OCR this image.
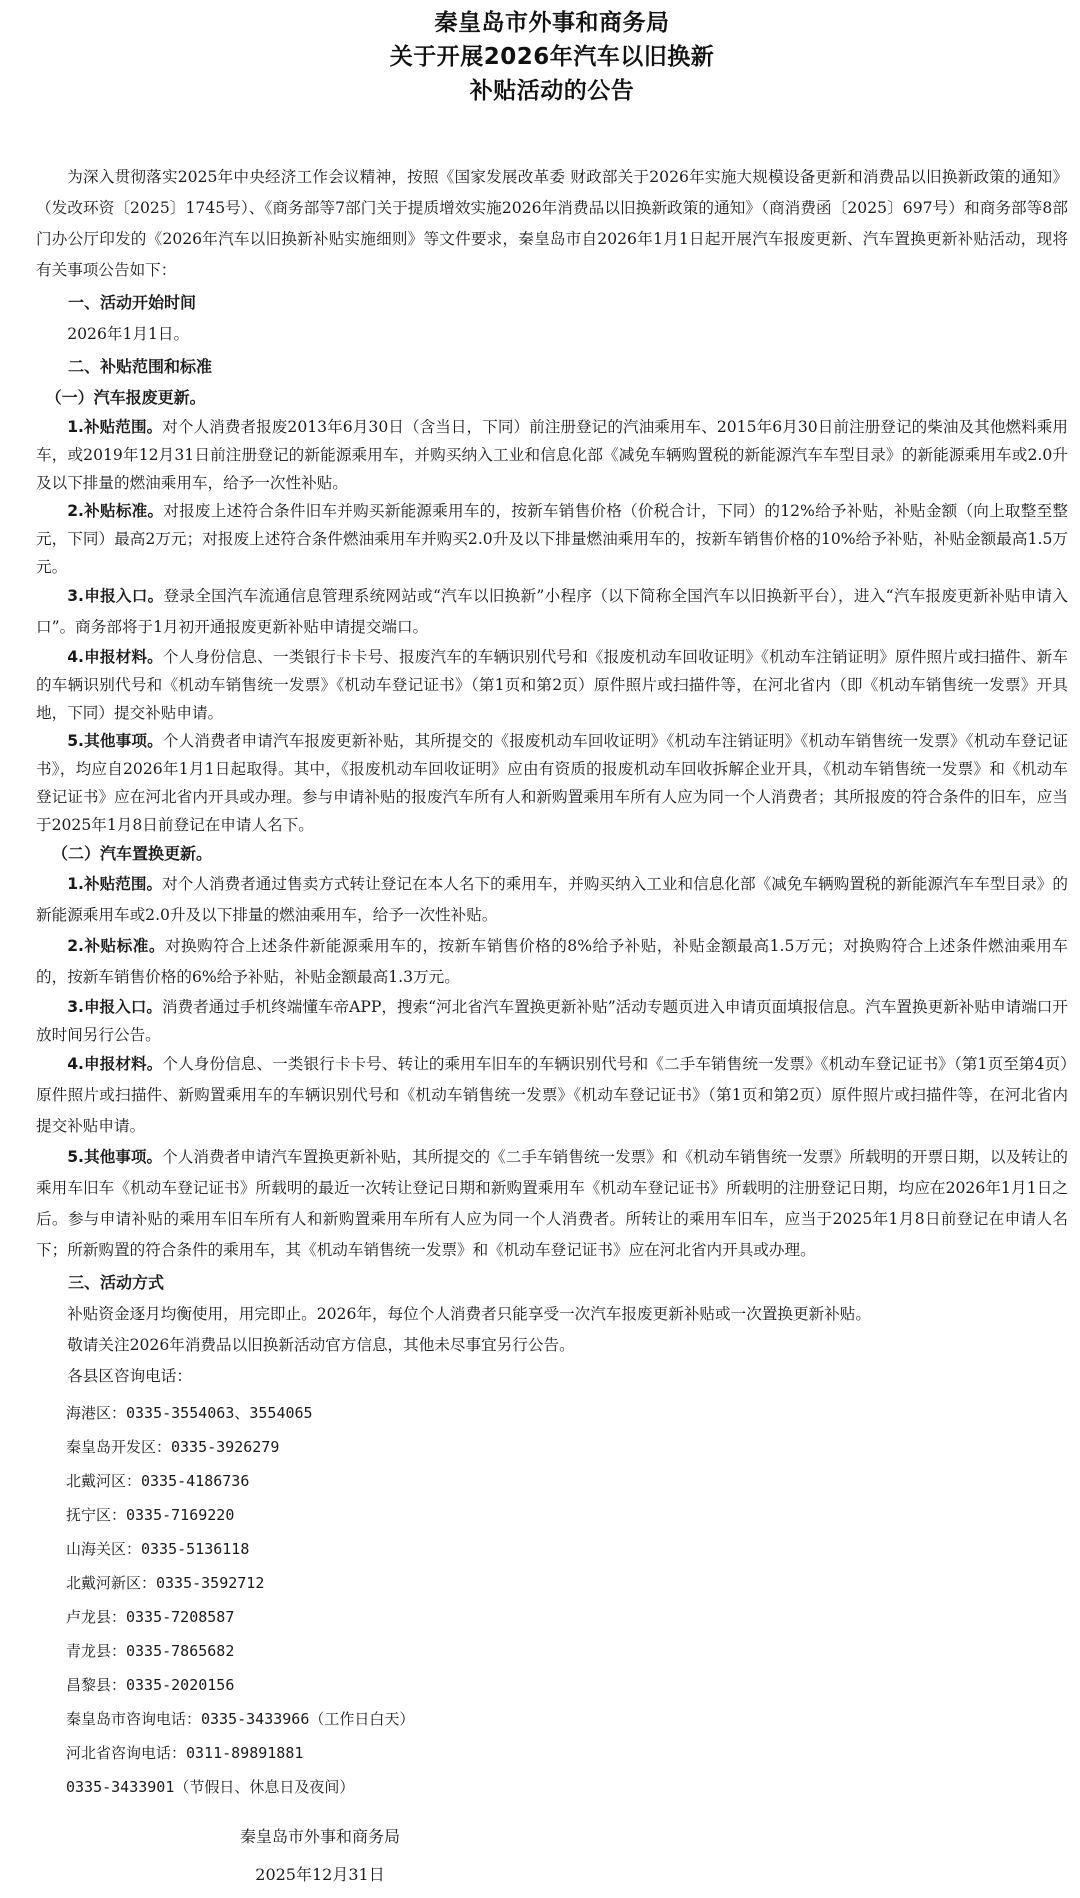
秦皇岛市外事和商务局
关于开展2026年汽车以旧换新
补贴活动的公告

为深入贯彻落实2025年中央经济工作会议精神，按照《国家发展改革委 财政部关于2026年实施大规模设备更新和消费品以旧换新政策的通知》（发改环资〔2025〕1745号）、《商务部等7部门关于提质增效实施2026年消费品以旧换新政策的通知》（商消费函〔2025〕697号）和商务部等8部门办公厅印发的《2026年汽车以旧换新补贴实施细则》等文件要求，秦皇岛市自2026年1月1日起开展汽车报废更新、汽车置换更新补贴活动，现将有关事项公告如下：

一、活动开始时间

2026年1月1日。

二、补贴范围和标准

（一）汽车报废更新。

1.补贴范围。对个人消费者报废2013年6月30日（含当日，下同）前注册登记的汽油乘用车、2015年6月30日前注册登记的柴油及其他燃料乘用车，或2019年12月31日前注册登记的新能源乘用车，并购买纳入工业和信息化部《减免车辆购置税的新能源汽车车型目录》的新能源乘用车或2.0升及以下排量的燃油乘用车，给予一次性补贴。

2.补贴标准。对报废上述符合条件旧车并购买新能源乘用车的，按新车销售价格（价税合计，下同）的12%给予补贴，补贴金额（向上取整至整元，下同）最高2万元；对报废上述符合条件燃油乘用车并购买2.0升及以下排量燃油乘用车的，按新车销售价格的10%给予补贴，补贴金额最高1.5万元。

3.申报入口。登录全国汽车流通信息管理系统网站或“汽车以旧换新”小程序（以下简称全国汽车以旧换新平台），进入“汽车报废更新补贴申请入口”。商务部将于1月初开通报废更新补贴申请提交端口。

4.申报材料。个人身份信息、一类银行卡卡号、报废汽车的车辆识别代号和《报废机动车回收证明》《机动车注销证明》原件照片或扫描件、新车的车辆识别代号和《机动车销售统一发票》《机动车登记证书》（第1页和第2页）原件照片或扫描件等，在河北省内（即《机动车销售统一发票》开具地，下同）提交补贴申请。

5.其他事项。个人消费者申请汽车报废更新补贴，其所提交的《报废机动车回收证明》《机动车注销证明》《机动车销售统一发票》《机动车登记证书》，均应自2026年1月1日起取得。其中，《报废机动车回收证明》应由有资质的报废机动车回收拆解企业开具，《机动车销售统一发票》和《机动车登记证书》应在河北省内开具或办理。参与申请补贴的报废汽车所有人和新购置乘用车所有人应为同一个人消费者；其所报废的符合条件的旧车，应当于2025年1月8日前登记在申请人名下。

（二）汽车置换更新。

1.补贴范围。对个人消费者通过售卖方式转让登记在本人名下的乘用车，并购买纳入工业和信息化部《减免车辆购置税的新能源汽车车型目录》的新能源乘用车或2.0升及以下排量的燃油乘用车，给予一次性补贴。

2.补贴标准。对换购符合上述条件新能源乘用车的，按新车销售价格的8%给予补贴，补贴金额最高1.5万元；对换购符合上述条件燃油乘用车的，按新车销售价格的6%给予补贴，补贴金额最高1.3万元。

3.申报入口。消费者通过手机终端懂车帝APP，搜索“河北省汽车置换更新补贴”活动专题页进入申请页面填报信息。汽车置换更新补贴申请端口开放时间另行公告。

4.申报材料。个人身份信息、一类银行卡卡号、转让的乘用车旧车的车辆识别代号和《二手车销售统一发票》《机动车登记证书》（第1页至第4页）原件照片或扫描件、新购置乘用车的车辆识别代号和《机动车销售统一发票》《机动车登记证书》（第1页和第2页）原件照片或扫描件等，在河北省内提交补贴申请。

5.其他事项。个人消费者申请汽车置换更新补贴，其所提交的《二手车销售统一发票》和《机动车销售统一发票》所载明的开票日期，以及转让的乘用车旧车《机动车登记证书》所载明的最近一次转让登记日期和新购置乘用车《机动车登记证书》所载明的注册登记日期，均应在2026年1月1日之后。参与申请补贴的乘用车旧车所有人和新购置乘用车所有人应为同一个人消费者。所转让的乘用车旧车，应当于2025年1月8日前登记在申请人名下；所新购置的符合条件的乘用车，其《机动车销售统一发票》和《机动车登记证书》应在河北省内开具或办理。

三、活动方式

补贴资金逐月均衡使用，用完即止。2026年，每位个人消费者只能享受一次汽车报废更新补贴或一次置换更新补贴。

敬请关注2026年消费品以旧换新活动官方信息，其他未尽事宜另行公告。

各县区咨询电话：

海港区：0335-3554063、3554065

秦皇岛开发区：0335-3926279

北戴河区：0335-4186736

抚宁区：0335-7169220

山海关区：0335-5136118

北戴河新区：0335-3592712

卢龙县：0335-7208587

青龙县：0335-7865682

昌黎县：0335-2020156

秦皇岛市咨询电话：0335-3433966（工作日白天）

河北省咨询电话：0311-89891881

0335-3433901（节假日、休息日及夜间）

秦皇岛市外事和商务局
2025年12月31日
